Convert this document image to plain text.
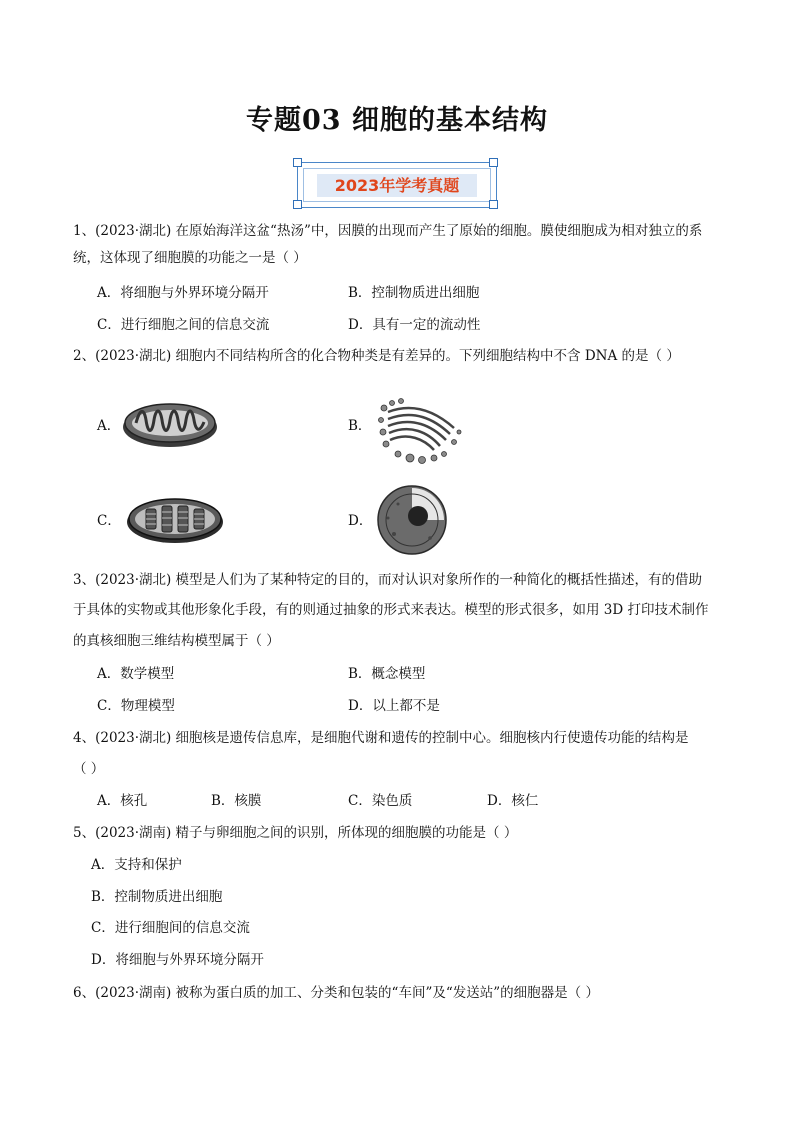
专题03 细胞的基本结构
2023年学考真题
1、(2023·湖北) 在原始海洋这盆“热汤”中，因膜的出现而产生了原始的细胞。膜使细胞成为相对独立的系
统，这体现了细胞膜的功能之一是（ ）
A．将细胞与外界环境分隔开	B．控制物质进出细胞
C．进行细胞之间的信息交流	D．具有一定的流动性
2、(2023·湖北) 细胞内不同结构所含的化合物种类是有差异的。下列细胞结构中不含 DNA 的是（ ）
A．	B．
C．	D．
3、(2023·湖北) 模型是人们为了某种特定的目的，而对认识对象所作的一种简化的概括性描述，有的借助
于具体的实物或其他形象化手段，有的则通过抽象的形式来表达。模型的形式很多，如用 3D 打印技术制作
的真核细胞三维结构模型属于（ ）
A．数学模型	B．概念模型
C．物理模型	D．以上都不是
4、(2023·湖北) 细胞核是遗传信息库，是细胞代谢和遗传的控制中心。细胞核内行使遗传功能的结构是
（ ）
A．核孔	B．核膜	C．染色质	D．核仁
5、(2023·湖南) 精子与卵细胞之间的识别，所体现的细胞膜的功能是（ ）
A．支持和保护
B．控制物质进出细胞
C．进行细胞间的信息交流
D．将细胞与外界环境分隔开
6、(2023·湖南) 被称为蛋白质的加工、分类和包装的“车间”及“发送站”的细胞器是（ ）
